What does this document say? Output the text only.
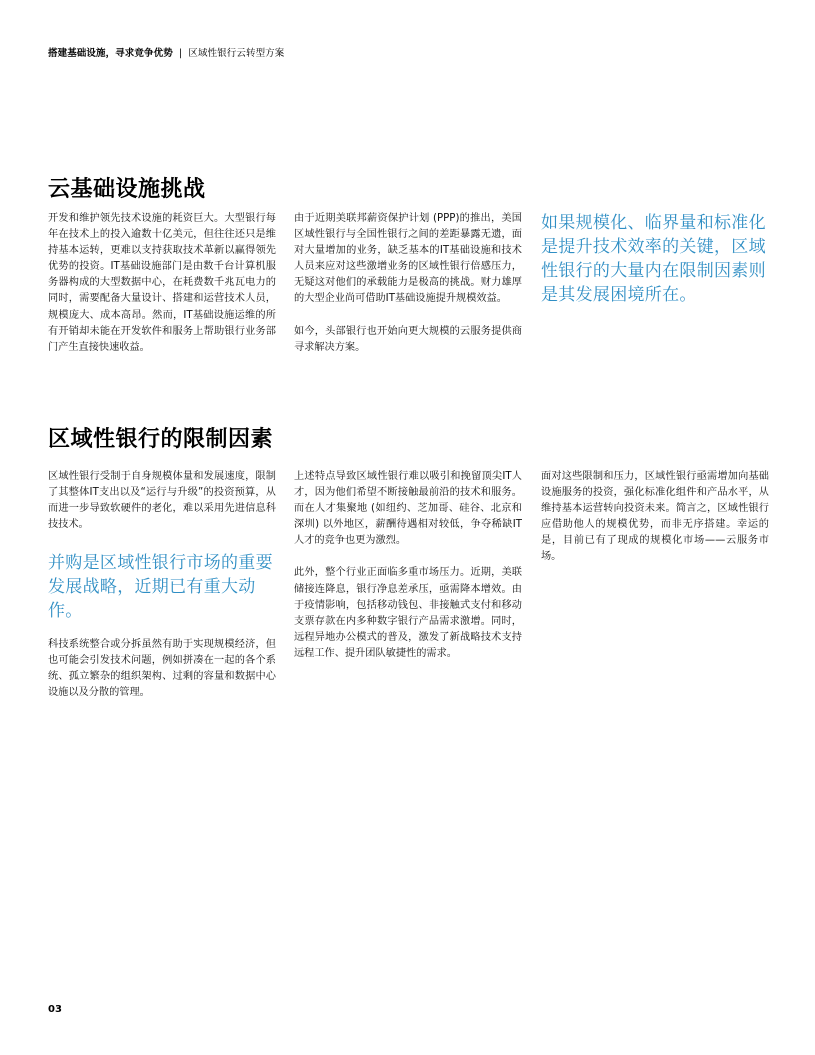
搭建基础设施，寻求竞争优势 | 区域性银行云转型方案
云基础设施挑战

开发和维护领先技术设施的耗资巨大。大型银行每年在技术上的投入逾数十亿美元，但往往还只是维持基本运转，更难以支持获取技术革新以赢得领先优势的投资。IT基础设施部门是由数千台计算机服务器构成的大型数据中心，在耗费数千兆瓦电力的同时，需要配备大量设计、搭建和运营技术人员，规模庞大、成本高昂。然而，IT基础设施运维的所有开销却未能在开发软件和服务上帮助银行业务部门产生直接快速收益。

由于近期美联邦薪资保护计划 (PPP)的推出，美国区域性银行与全国性银行之间的差距暴露无遗，面对大量增加的业务，缺乏基本的IT基础设施和技术人员来应对这些激增业务的区域性银行倍感压力，无疑这对他们的承载能力是极高的挑战。财力雄厚的大型企业尚可借助IT基础设施提升规模效益。

如今，头部银行也开始向更大规模的云服务提供商寻求解决方案。

如果规模化、临界量和标准化是提升技术效率的关键，区域性银行的大量内在限制因素则是其发展困境所在。
区域性银行的限制因素

区域性银行受制于自身规模体量和发展速度，限制了其整体IT支出以及“运行与升级”的投资预算，从而进一步导致软硬件的老化，难以采用先进信息科技技术。

并购是区域性银行市场的重要发展战略，近期已有重大动作。

科技系统整合或分拆虽然有助于实现规模经济，但也可能会引发技术问题，例如拼凑在一起的各个系统、孤立繁杂的组织架构、过剩的容量和数据中心设施以及分散的管理。

上述特点导致区域性银行难以吸引和挽留顶尖IT人才，因为他们希望不断接触最前沿的技术和服务。而在人才集聚地 (如纽约、芝加哥、硅谷、北京和深圳) 以外地区，薪酬待遇相对较低，争夺稀缺IT人才的竞争也更为激烈。

此外，整个行业正面临多重市场压力。近期，美联储接连降息，银行净息差承压，亟需降本增效。由于疫情影响，包括移动钱包、非接触式支付和移动支票存款在内多种数字银行产品需求激增。同时，远程异地办公模式的普及，激发了新战略技术支持远程工作、提升团队敏捷性的需求。

面对这些限制和压力，区域性银行亟需增加向基础设施服务的投资，强化标准化组件和产品水平，从维持基本运营转向投资未来。简言之，区域性银行应借助他人的规模优势，而非无序搭建。幸运的是，目前已有了现成的规模化市场——云服务市场。

03
